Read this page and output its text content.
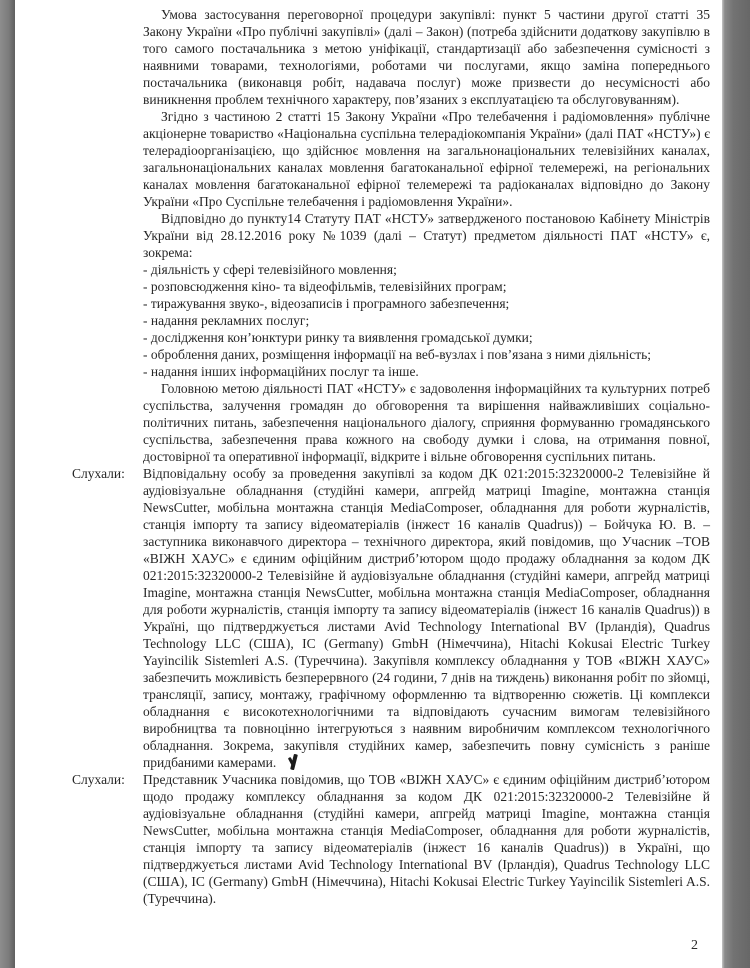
Умова застосування переговорної процедури закупівлі: пункт 5 частини другої статті 35 Закону України «Про публічні закупівлі» (далі – Закон) (потреба здійснити додаткову закупівлю в того самого постачальника з метою уніфікації, стандартизації або забезпечення сумісності з наявними товарами, технологіями, роботами чи послугами, якщо заміна попереднього постачальника (виконавця робіт, надавача послуг) може призвести до несумісності або виникнення проблем технічного характеру, пов’язаних з експлуатацією та обслуговуванням).

Згідно з частиною 2 статті 15 Закону України «Про телебачення і радіомовлення» публічне акціонерне товариство «Національна суспільна телерадіокомпанія України» (далі ПАТ «НСТУ») є телерадіоорганізацією, що здійснює мовлення на загальнонаціональних телевізійних каналах, загальнонаціональних каналах мовлення багатоканальної ефірної телемережі, на регіональних каналах мовлення багатоканальної ефірної телемережі та радіоканалах відповідно до Закону України «Про Суспільне телебачення і радіомовлення України».

Відповідно до пункту14 Статуту ПАТ «НСТУ» затвердженого постановою Кабінету Міністрів України від 28.12.2016 року №1039 (далі – Статут) предметом діяльності ПАТ «НСТУ» є, зокрема:

- діяльність у сфері телевізійного мовлення;
- розповсюдження кіно- та відеофільмів, телевізійних програм;
- тиражування звуко-, відеозаписів і програмного забезпечення;
- надання рекламних послуг;
- дослідження кон’юнктури ринку та виявлення громадської думки;
- оброблення даних, розміщення інформації на веб-вузлах і пов’язана з ними діяльність;
- надання інших інформаційних послуг та інше.

Головною метою діяльності ПАТ «НСТУ» є задоволення інформаційних та культурних потреб суспільства, залучення громадян до обговорення та вирішення найважливіших соціально-політичних питань, забезпечення національного діалогу, сприяння формуванню громадянського суспільства, забезпечення права кожного на свободу думки і слова, на отримання повної, достовірної та оперативної інформації, відкрите і вільне обговорення суспільних питань.

Слухали:	Відповідальну особу за проведення закупівлі за кодом ДК 021:2015:32320000-2 Телевізійне й аудіовізуальне обладнання (студійні камери, апгрейд матриці Imagine, монтажна станція NewsCutter, мобільна монтажна станція MediaComposer, обладнання для роботи журналістів, станція імпорту та запису відеоматеріалів (інжест 16 каналів Quadrus)) – Бойчука Ю. В. – заступника виконавчого директора – технічного директора, який повідомив, що Учасник –ТОВ «ВІЖН ХАУС» є єдиним офіційним дистриб’ютором щодо продажу обладнання за кодом ДК 021:2015:32320000-2 Телевізійне й аудіовізуальне обладнання (студійні камери, апгрейд матриці Imagine, монтажна станція NewsCutter, мобільна монтажна станція MediaComposer, обладнання для роботи журналістів, станція імпорту та запису відеоматеріалів (інжест 16 каналів Quadrus)) в Україні, що підтверджується листами Avid Technology International BV (Ірландія), Quadrus Technology LLC (США), IC (Germany) GmbH (Німеччина), Hitachi Kokusai Electric Turkey Yayincilik Sistemleri A.S. (Туреччина). Закупівля комплексу обладнання у ТОВ «ВІЖН ХАУС» забезпечить можливість безперервного (24 години, 7 днів на тиждень) виконання робіт по зйомці, трансляції, запису, монтажу, графічному оформленню та відтворенню сюжетів. Ці комплекси обладнання є високотехнологічними та відповідають сучасним вимогам телевізійного виробництва та повноцінно інтегруються з наявним виробничим комплексом технологічного обладнання. Зокрема, закупівля студійних камер, забезпечить повну сумісність з раніше придбаними камерами.
Слухали:	Представник Учасника повідомив, що ТОВ «ВІЖН ХАУС» є єдиним офіційним дистриб’ютором щодо продажу комплексу обладнання за кодом ДК 021:2015:32320000-2 Телевізійне й аудіовізуальне обладнання (студійні камери, апгрейд матриці Imagine, монтажна станція NewsCutter, мобільна монтажна станція MediaComposer, обладнання для роботи журналістів, станція імпорту та запису відеоматеріалів (інжест 16 каналів Quadrus)) в Україні, що підтверджується листами Avid Technology International BV (Ірландія), Quadrus Technology LLC (США), IC (Germany) GmbH (Німеччина), Hitachi Kokusai Electric Turkey Yayincilik Sistemleri A.S. (Туреччина).
2
